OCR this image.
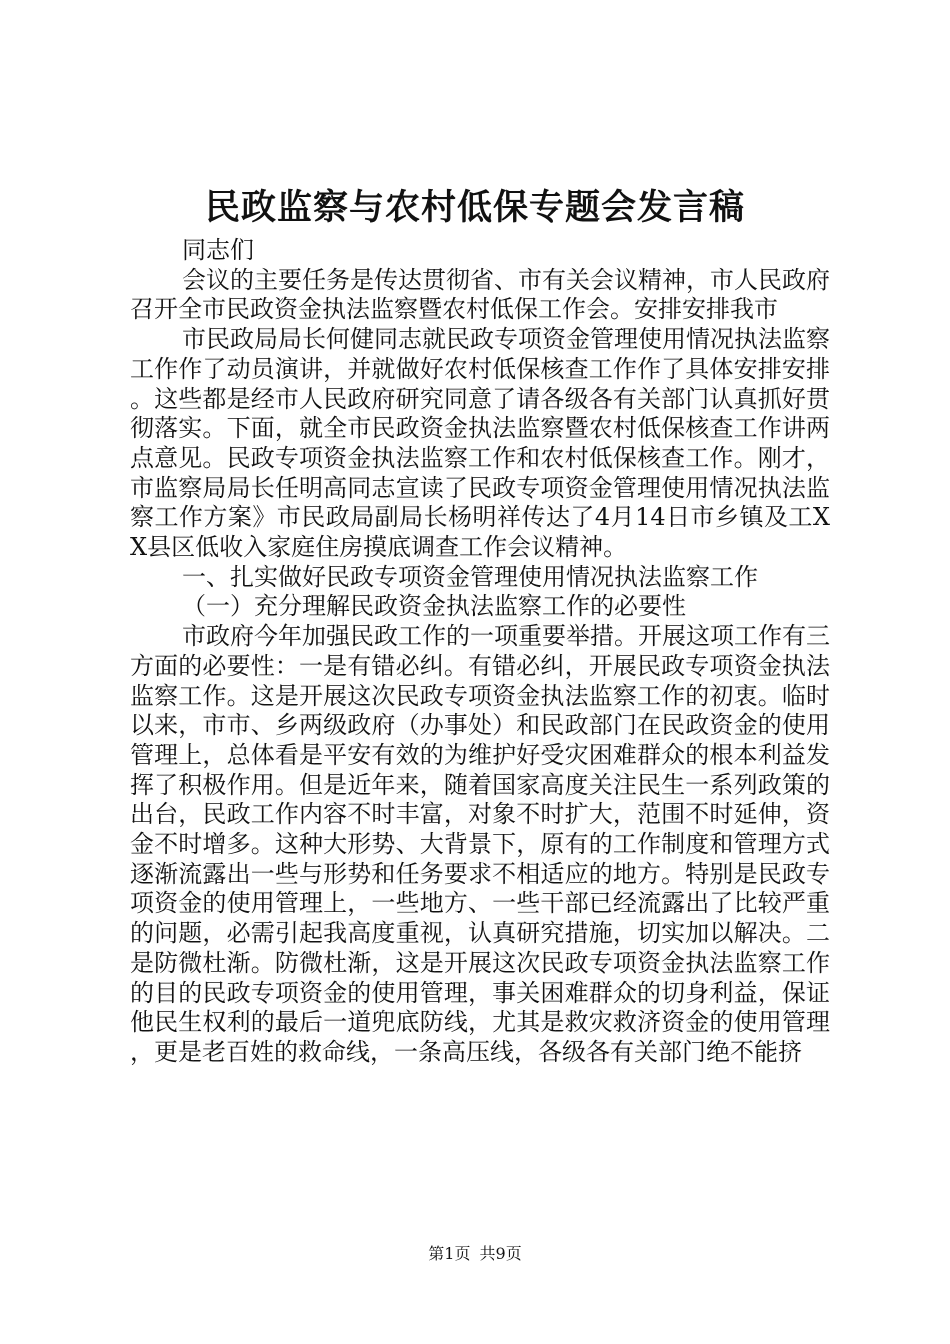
民政监察与农村低保专题会发言稿

同志们

会议的主要任务是传达贯彻省、市有关会议精神，市人民政府召开全市民政资金执法监察暨农村低保工作会。安排安排我市

市民政局局长何健同志就民政专项资金管理使用情况执法监察工作作了动员演讲，并就做好农村低保核查工作作了具体安排安排。这些都是经市人民政府研究同意了请各级各有关部门认真抓好贯彻落实。下面，就全市民政资金执法监察暨农村低保核查工作讲两点意见。民政专项资金执法监察工作和农村低保核查工作。刚才，市监察局局长任明高同志宣读了民政专项资金管理使用情况执法监察工作方案》市民政局副局长杨明祥传达了4月14日市乡镇及工XX县区低收入家庭住房摸底调查工作会议精神。

一、扎实做好民政专项资金管理使用情况执法监察工作

（一）充分理解民政资金执法监察工作的必要性

市政府今年加强民政工作的一项重要举措。开展这项工作有三方面的必要性：一是有错必纠。有错必纠，开展民政专项资金执法监察工作。这是开展这次民政专项资金执法监察工作的初衷。临时以来，市市、乡两级政府（办事处）和民政部门在民政资金的使用管理上，总体看是平安有效的为维护好受灾困难群众的根本利益发挥了积极作用。但是近年来，随着国家高度关注民生一系列政策的出台，民政工作内容不时丰富，对象不时扩大，范围不时延伸，资金不时增多。这种大形势、大背景下，原有的工作制度和管理方式逐渐流露出一些与形势和任务要求不相适应的地方。特别是民政专项资金的使用管理上，一些地方、一些干部已经流露出了比较严重的问题，必需引起我高度重视，认真研究措施，切实加以解决。二是防微杜渐。防微杜渐，这是开展这次民政专项资金执法监察工作的目的民政专项资金的使用管理，事关困难群众的切身利益，保证他民生权利的最后一道兜底防线，尤其是救灾救济资金的使用管理，更是老百姓的救命线，一条高压线，各级各有关部门绝不能挤

第1页 共9页
